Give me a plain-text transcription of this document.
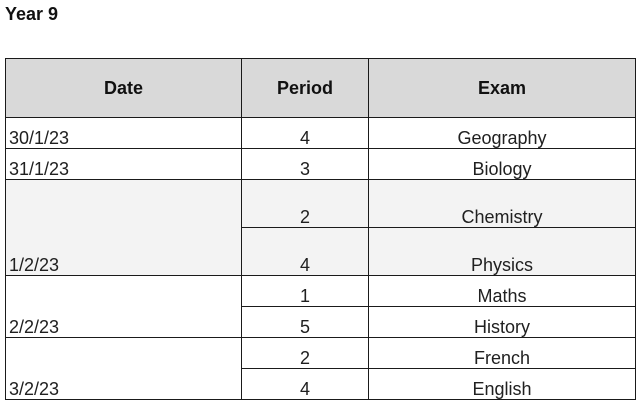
Year 9
Date	Period	Exam
30/1/23	4	Geography
31/1/23	3	Biology
1/2/23	2	Chemistry
	4	Physics
2/2/23	1	Maths
	5	History
3/2/23	2	French
	4	English
